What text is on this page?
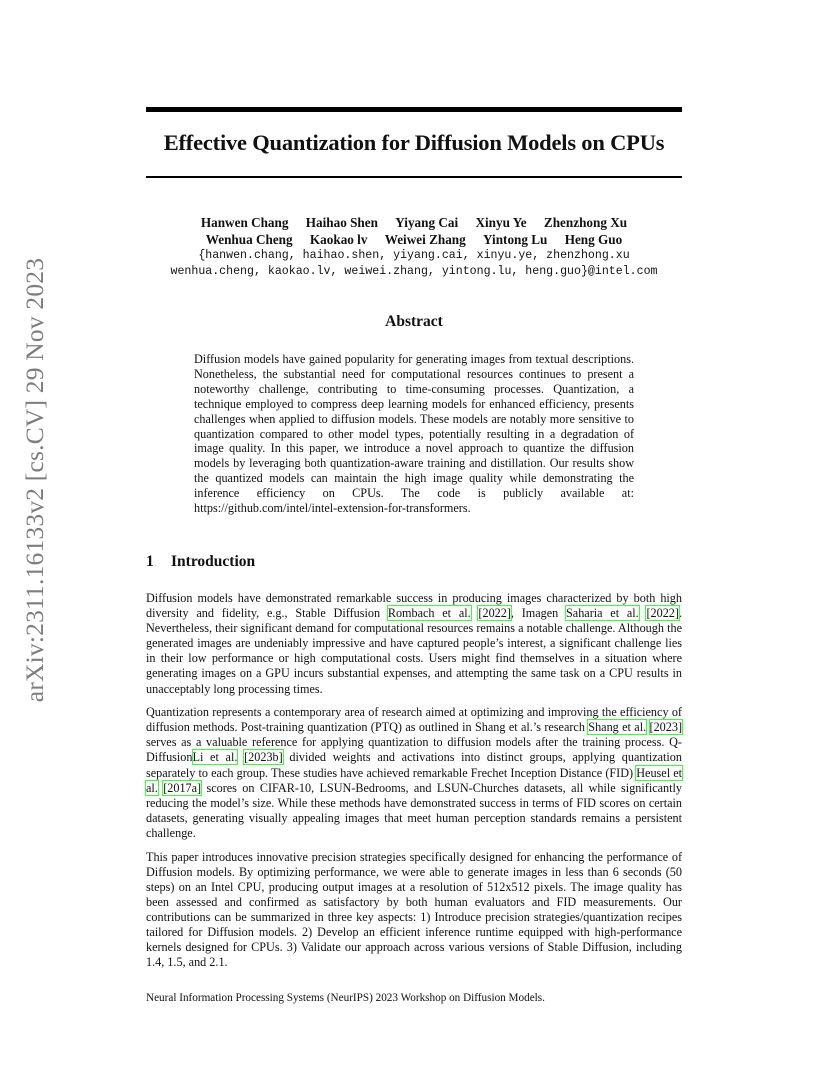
arXiv:2311.16133v2 [cs.CV] 29 Nov 2023
Effective Quantization for Diffusion Models on CPUs
Hanwen Chang Haihao Shen Yiyang Cai Xinyu Ye Zhenzhong Xu
Wenhua Cheng Kaokao lv Weiwei Zhang Yintong Lu Heng Guo
{hanwen.chang, haihao.shen, yiyang.cai, xinyu.ye, zhenzhong.xu
wenhua.cheng, kaokao.lv, weiwei.zhang, yintong.lu, heng.guo}@intel.com
Abstract

Diffusion models have gained popularity for generating images from textual descriptions. Nonetheless, the substantial need for computational resources continues to present a noteworthy challenge, contributing to time-consuming processes. Quantization, a technique employed to compress deep learning models for enhanced efficiency, presents challenges when applied to diffusion models. These models are notably more sensitive to quantization compared to other model types, potentially resulting in a degradation of image quality. In this paper, we introduce a novel approach to quantize the diffusion models by leveraging both quantization-aware training and distillation. Our results show the quantized models can maintain the high image quality while demonstrating the inference efficiency on CPUs. The code is publicly available at: https://github.com/intel/intel-extension-for-transformers.

1 Introduction

Diffusion models have demonstrated remarkable success in producing images characterized by both high diversity and fidelity, e.g., Stable Diffusion Rombach et al. [2022], Imagen Saharia et al. [2022]. Nevertheless, their significant demand for computational resources remains a notable challenge. Although the generated images are undeniably impressive and have captured people’s interest, a significant challenge lies in their low performance or high computational costs. Users might find themselves in a situation where generating images on a GPU incurs substantial expenses, and attempting the same task on a CPU results in unacceptably long processing times.

Quantization represents a contemporary area of research aimed at optimizing and improving the efficiency of diffusion methods. Post-training quantization (PTQ) as outlined in Shang et al.’s research Shang et al. [2023] serves as a valuable reference for applying quantization to diffusion models after the training process. Q-DiffusionLi et al. [2023b] divided weights and activations into distinct groups, applying quantization separately to each group. These studies have achieved remarkable Frechet Inception Distance (FID) Heusel et al. [2017a] scores on CIFAR-10, LSUN-Bedrooms, and LSUN-Churches datasets, all while significantly reducing the model’s size. While these methods have demonstrated success in terms of FID scores on certain datasets, generating visually appealing images that meet human perception standards remains a persistent challenge.

This paper introduces innovative precision strategies specifically designed for enhancing the performance of Diffusion models. By optimizing performance, we were able to generate images in less than 6 seconds (50 steps) on an Intel CPU, producing output images at a resolution of 512x512 pixels. The image quality has been assessed and confirmed as satisfactory by both human evaluators and FID measurements. Our contributions can be summarized in three key aspects: 1) Introduce precision strategies/quantization recipes tailored for Diffusion models. 2) Develop an efficient inference runtime equipped with high-performance kernels designed for CPUs. 3) Validate our approach across various versions of Stable Diffusion, including 1.4, 1.5, and 2.1.

Neural Information Processing Systems (NeurIPS) 2023 Workshop on Diffusion Models.
